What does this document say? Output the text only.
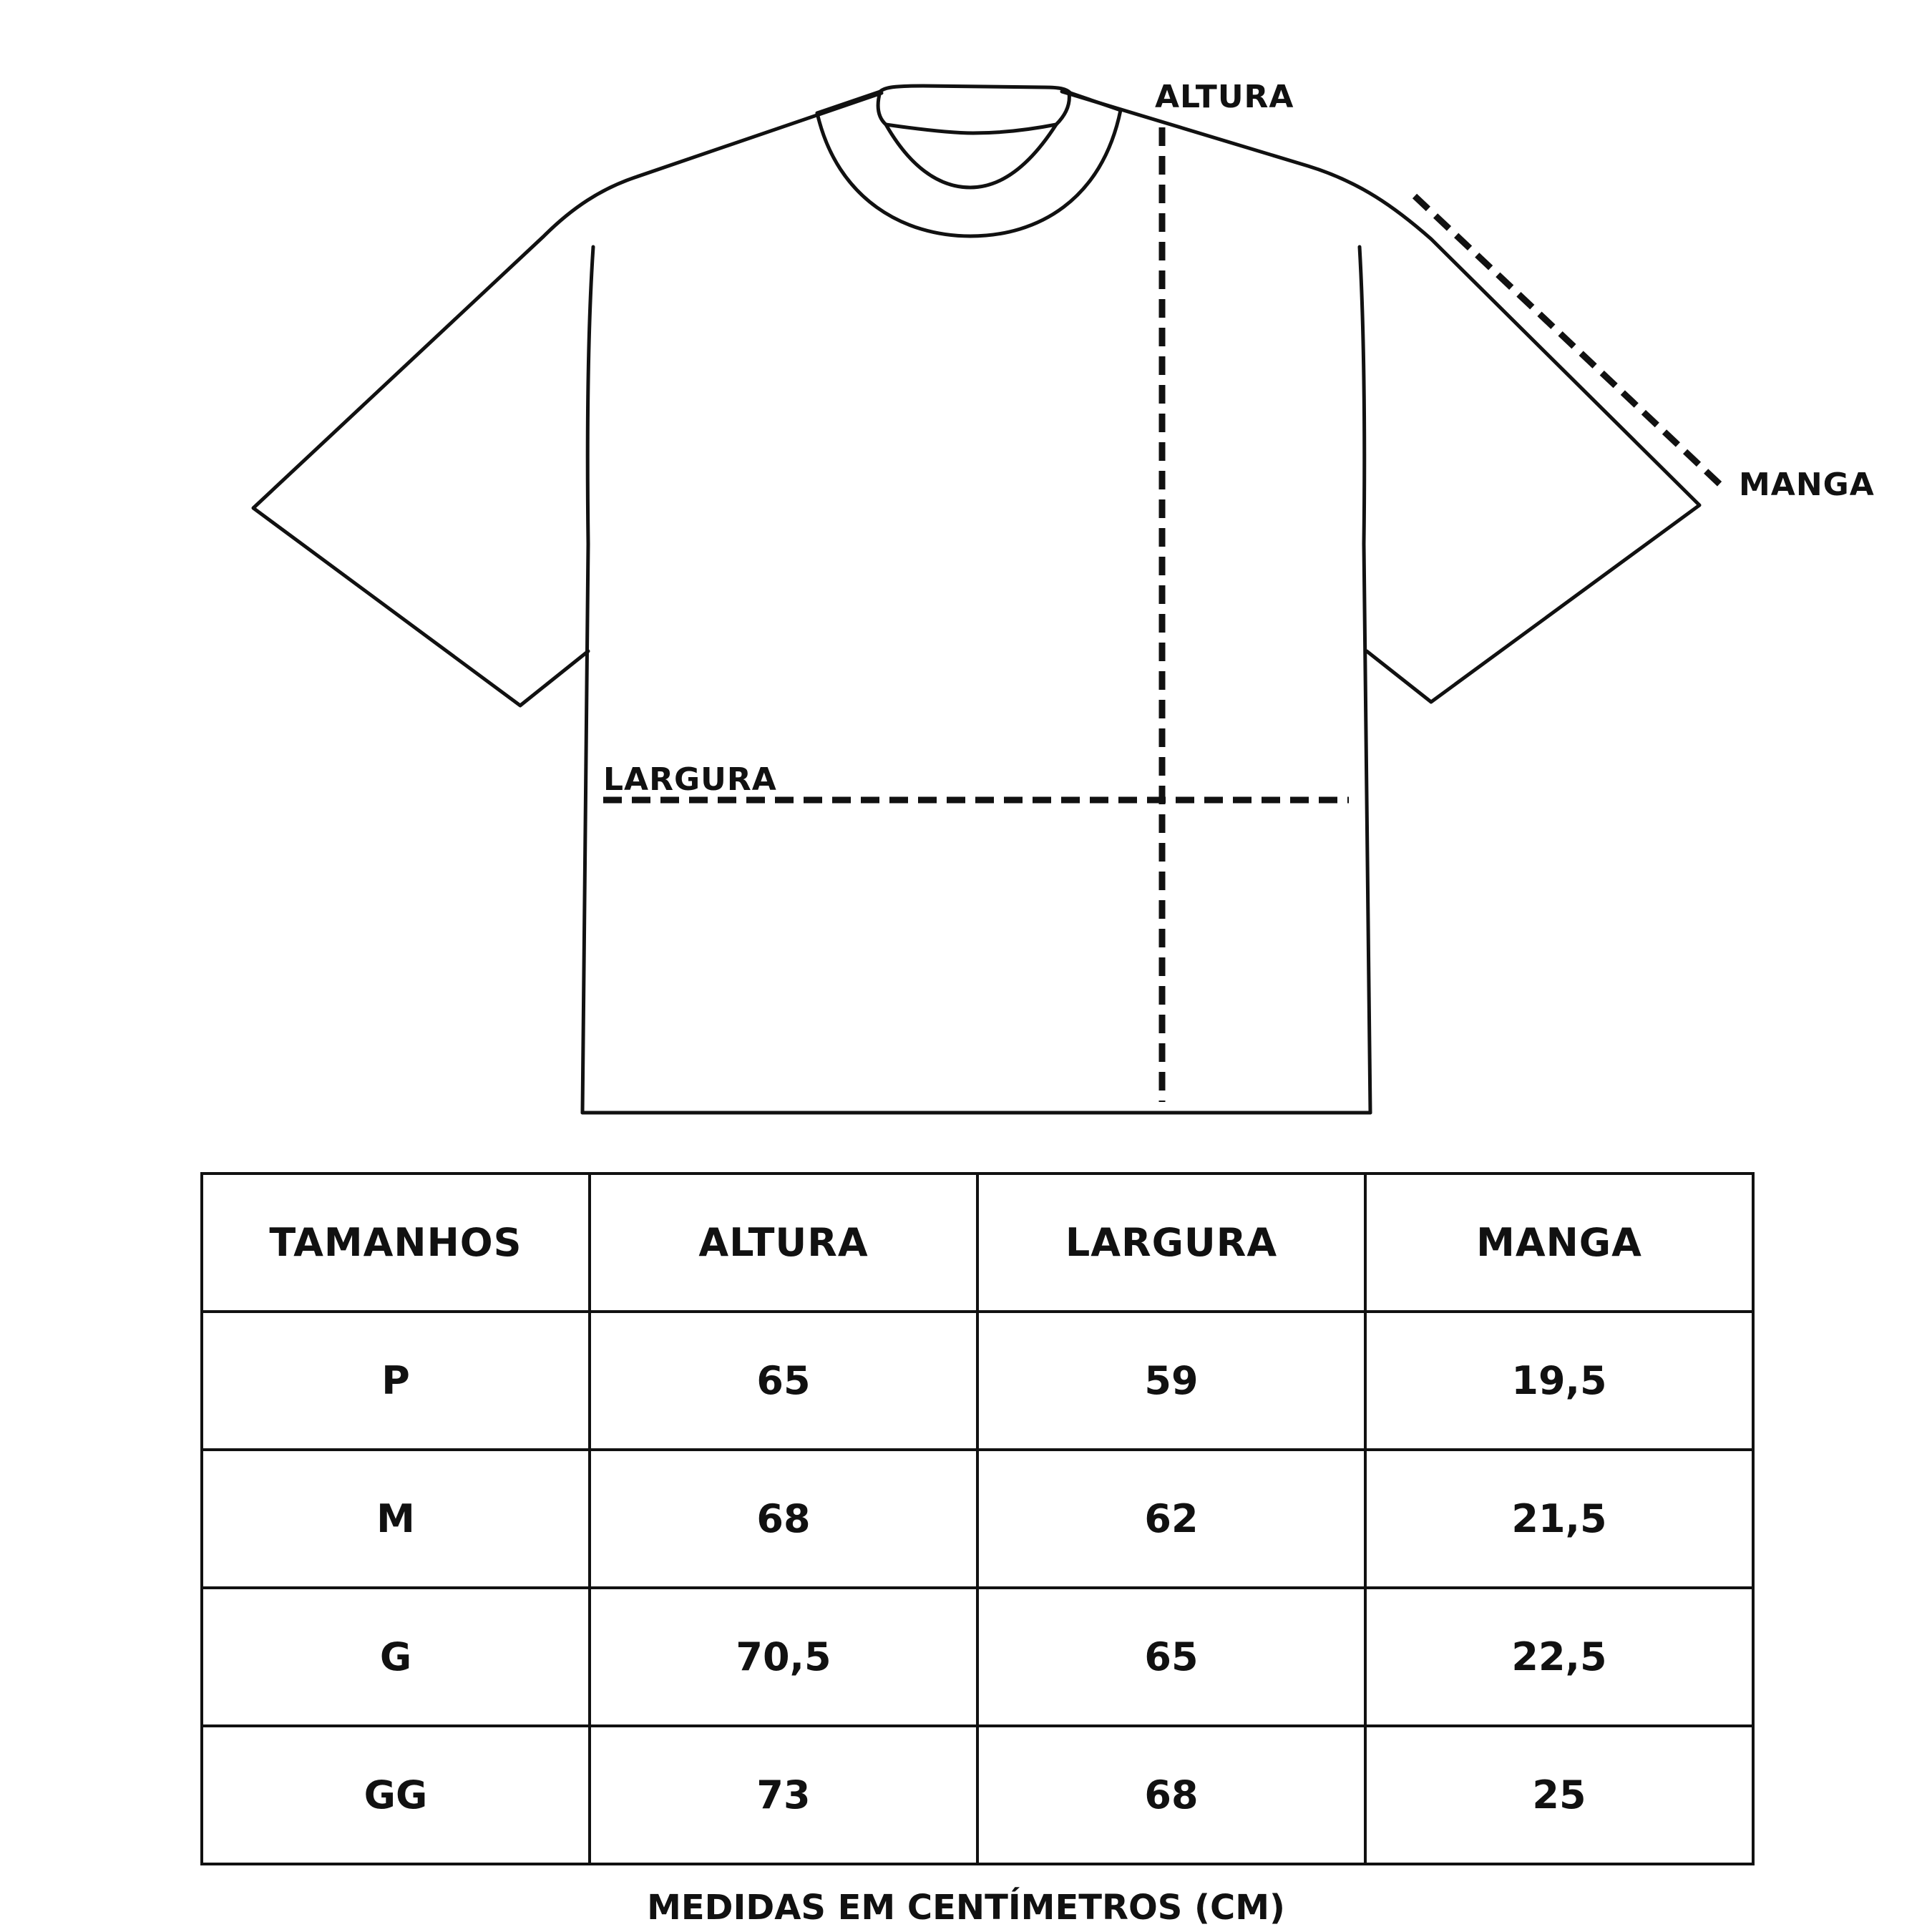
ALTURA
MANGA
LARGURA
TAMANHOS	ALTURA	LARGURA	MANGA
P	65	59	19,5
M	68	62	21,5
G	70,5	65	22,5
GG	73	68	25
MEDIDAS EM CENTÍMETROS (CM)
